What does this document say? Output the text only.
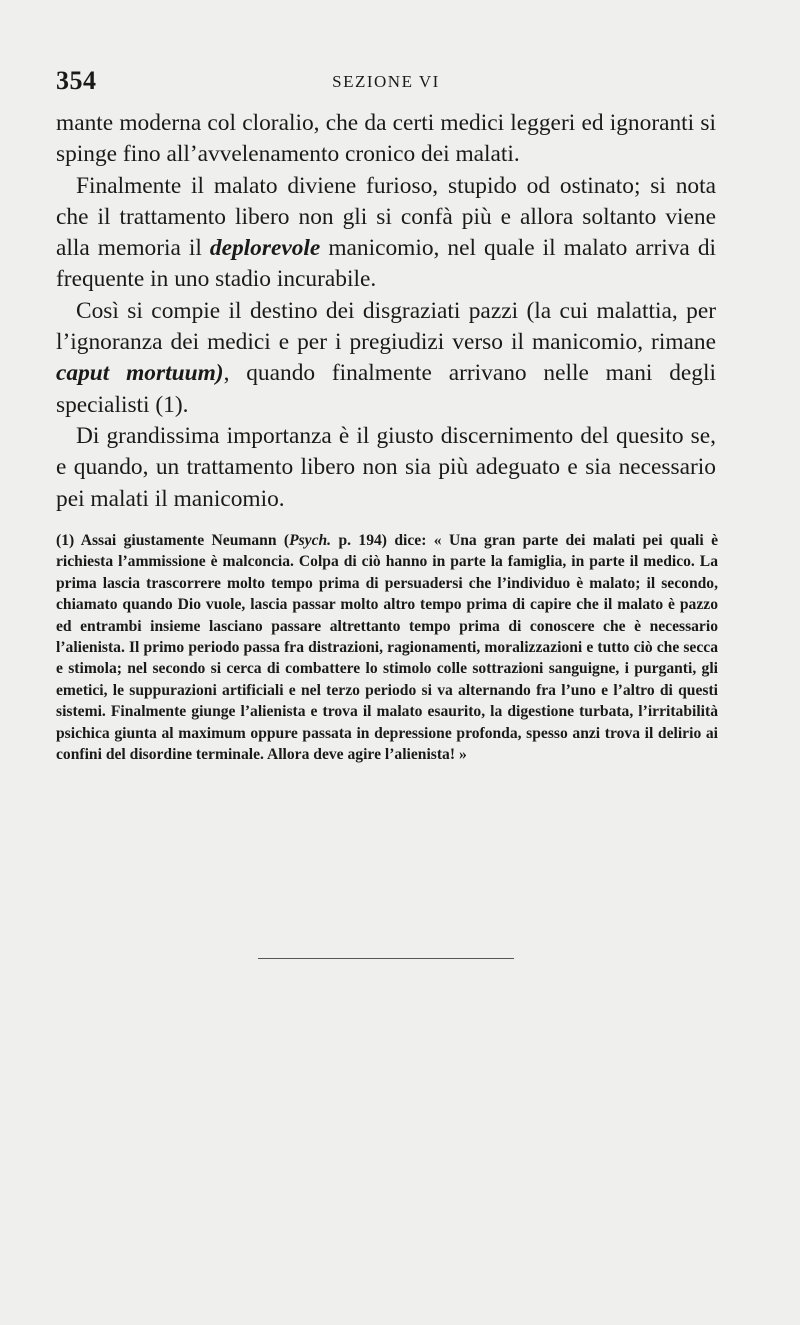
354	SEZIONE VI

mante moderna col cloralio, che da certi medici leggeri ed ignoranti si spinge fino all’avvelenamento cronico dei malati.

Finalmente il malato diviene furioso, stupido od ostinato; si nota che il trattamento libero non gli si confà più e allora soltanto viene alla memoria il deplorevole manicomio, nel quale il malato arriva di frequente in uno stadio incurabile.

Così si compie il destino dei disgraziati pazzi (la cui malattia, per l’ignoranza dei medici e per i pregiudizi verso il manicomio, rimane caput mortuum), quando finalmente arrivano nelle mani degli specialisti (1).

Di grandissima importanza è il giusto discernimento del quesito se, e quando, un trattamento libero non sia più adeguato e sia necessario pei malati il manicomio.

(1) Assai giustamente Neumann (Psych. p. 194) dice: « Una gran parte dei malati pei quali è richiesta l’ammissione è malconcia. Colpa di ciò hanno in parte la famiglia, in parte il medico. La prima lascia trascorrere molto tempo prima di persuadersi che l’individuo è malato; il secondo, chiamato quando Dio vuole, lascia passar molto altro tempo prima di capire che il malato è pazzo ed entrambi insieme lasciano passare altrettanto tempo prima di conoscere che è necessario l’alienista. Il primo periodo passa fra distrazioni, ragionamenti, moralizzazioni e tutto ciò che secca e stimola; nel secondo si cerca di combattere lo stimolo colle sottrazioni sanguigne, i purganti, gli emetici, le suppurazioni artificiali e nel terzo periodo si va alternando fra l’uno e l’altro di questi sistemi. Finalmente giunge l’alienista e trova il malato esaurito, la digestione turbata, l’irritabilità psichica giunta al maximum oppure passata in depressione profonda, spesso anzi trova il delirio ai confini del disordine terminale. Allora deve agire l’alienista! »
